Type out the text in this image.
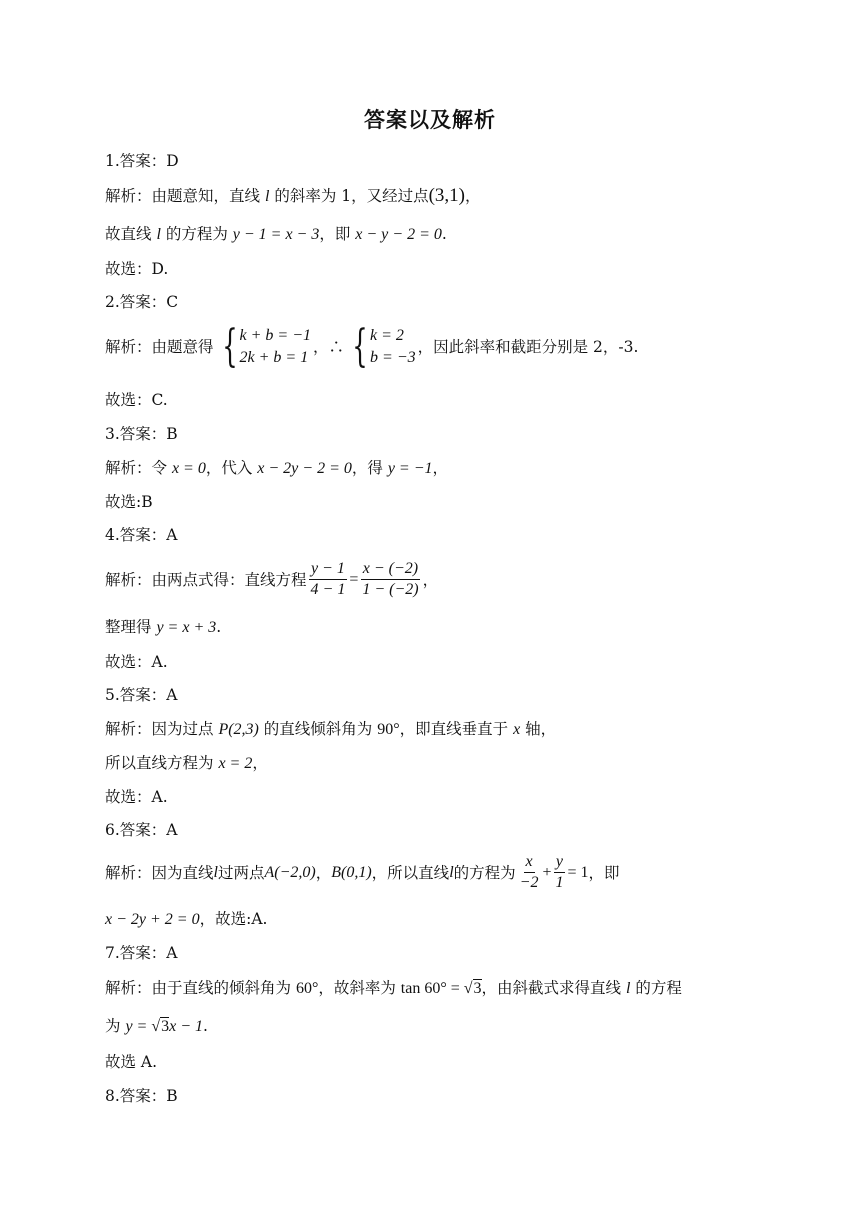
答案以及解析
1.答案：D
解析：由题意知，直线 l 的斜率为 1，又经过点(3,1)，
故直线 l 的方程为 y − 1 = x − 3，即 x − y − 2 = 0.
故选：D.
2.答案：C
解析：由题意得 { k + b = −1
2k + b = 1
，∴ { k = 2
b = −3
，因此斜率和截距分别是 2，-3.
故选：C.
3.答案：B
解析：令 x = 0，代入 x − 2y − 2 = 0，得 y = −1，
故选:B
4.答案：A
解析：由两点式得：直线方程 $\frac{y - 1}{4 - 1} = \frac{x - (-2)}{1 - (-2)}$ ，
整理得 y = x + 3.
故选：A.
5.答案：A
解析：因为过点 P(2,3) 的直线倾斜角为 90°，即直线垂直于 x 轴，
所以直线方程为 x = 2，
故选：A.
6.答案：A
解析：因为直线 l 过两点 A(−2,0) ， B(0,1) ，所以直线 l 的方程为 $\frac{x}{-2} + \frac{y}{1} = 1$ ，即
x − 2y + 2 = 0，故选:A.
7.答案：A
解析：由于直线的倾斜角为 60°，故斜率为 tan 60° = √3，由斜截式求得直线 l 的方程
为 y = √3x − 1.
故选 A.
8.答案：B
